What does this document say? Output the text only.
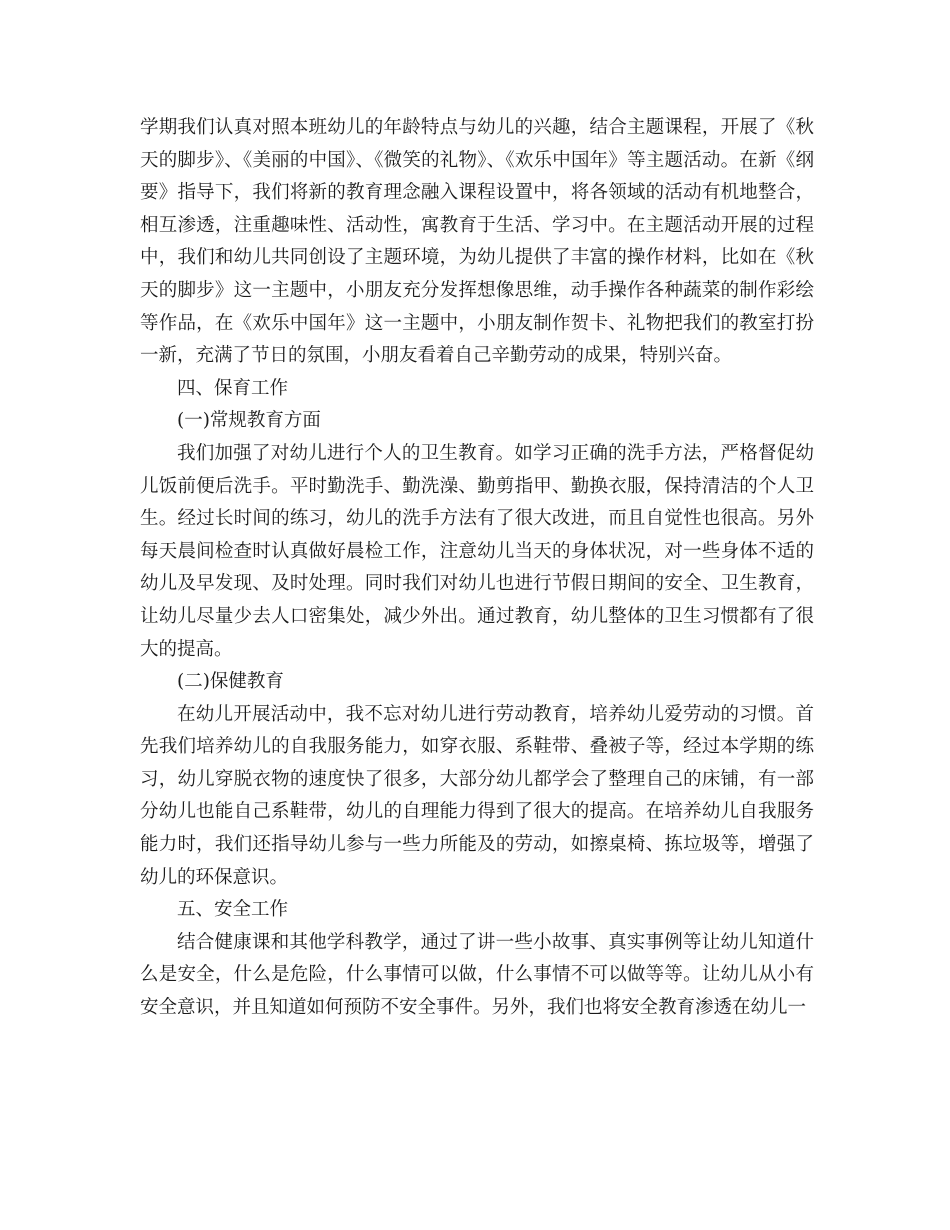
学期我们认真对照本班幼儿的年龄特点与幼儿的兴趣，结合主题课程，开展了《秋天的脚步》、《美丽的中国》、《微笑的礼物》、《欢乐中国年》等主题活动。在新《纲要》指导下，我们将新的教育理念融入课程设置中，将各领域的活动有机地整合，相互渗透，注重趣味性、活动性，寓教育于生活、学习中。在主题活动开展的过程中，我们和幼儿共同创设了主题环境，为幼儿提供了丰富的操作材料，比如在《秋天的脚步》这一主题中，小朋友充分发挥想像思维，动手操作各种蔬菜的制作彩绘等作品，在《欢乐中国年》这一主题中，小朋友制作贺卡、礼物把我们的教室打扮一新，充满了节日的氛围，小朋友看着自己辛勤劳动的成果，特别兴奋。

四、保育工作

(一)常规教育方面

我们加强了对幼儿进行个人的卫生教育。如学习正确的洗手方法，严格督促幼儿饭前便后洗手。平时勤洗手、勤洗澡、勤剪指甲、勤换衣服，保持清洁的个人卫生。经过长时间的练习，幼儿的洗手方法有了很大改进，而且自觉性也很高。另外每天晨间检查时认真做好晨检工作，注意幼儿当天的身体状况，对一些身体不适的幼儿及早发现、及时处理。同时我们对幼儿也进行节假日期间的安全、卫生教育，让幼儿尽量少去人口密集处，减少外出。通过教育，幼儿整体的卫生习惯都有了很大的提高。

(二)保健教育

在幼儿开展活动中，我不忘对幼儿进行劳动教育，培养幼儿爱劳动的习惯。首先我们培养幼儿的自我服务能力，如穿衣服、系鞋带、叠被子等，经过本学期的练习，幼儿穿脱衣物的速度快了很多，大部分幼儿都学会了整理自己的床铺，有一部分幼儿也能自己系鞋带，幼儿的自理能力得到了很大的提高。在培养幼儿自我服务能力时，我们还指导幼儿参与一些力所能及的劳动，如擦桌椅、拣垃圾等，增强了幼儿的环保意识。

五、安全工作

结合健康课和其他学科教学，通过了讲一些小故事、真实事例等让幼儿知道什么是安全，什么是危险，什么事情可以做，什么事情不可以做等等。让幼儿从小有安全意识，并且知道如何预防不安全事件。另外，我们也将安全教育渗透在幼儿一
